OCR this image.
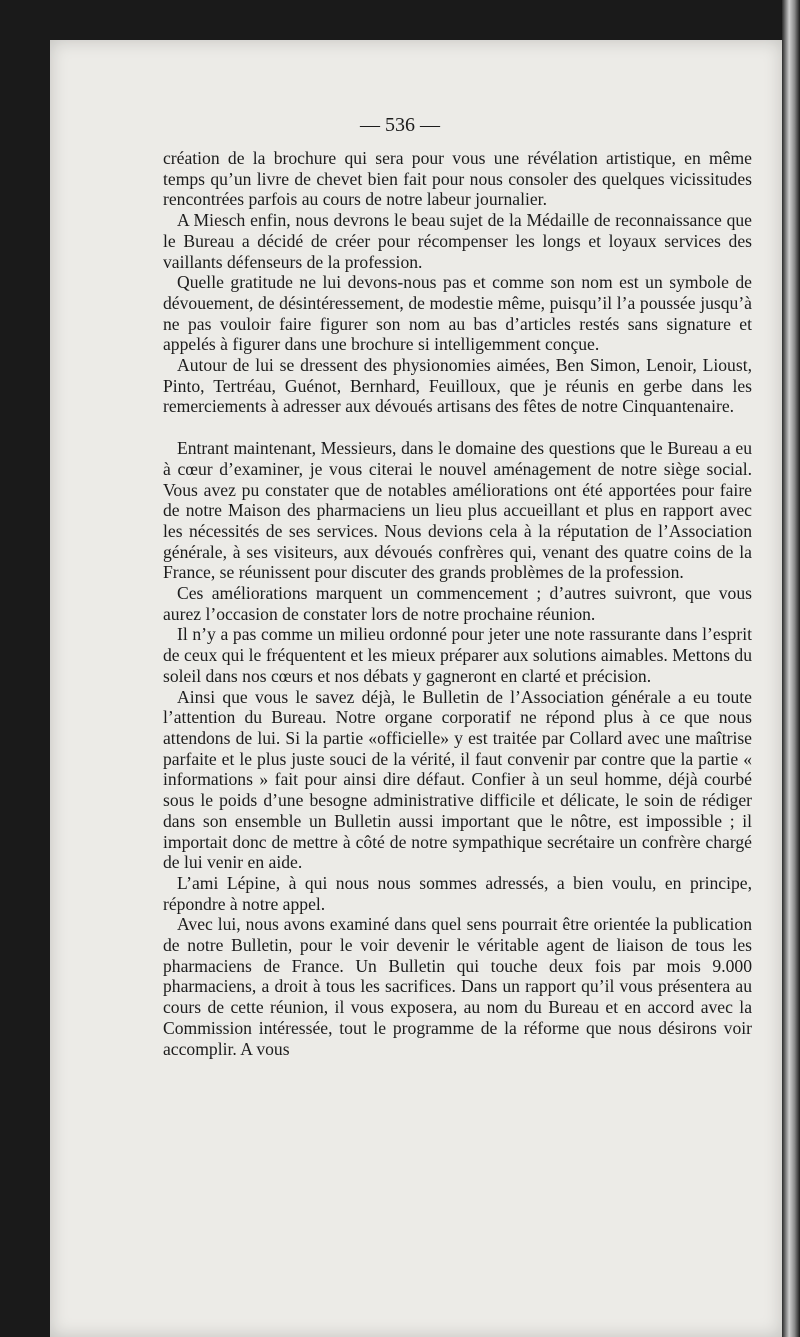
— 536 —

création de la brochure qui sera pour vous une révélation artistique, en même temps qu’un livre de chevet bien fait pour nous consoler des quelques vicissitudes rencontrées parfois au cours de notre labeur journalier.

A Miesch enfin, nous devrons le beau sujet de la Médaille de reconnaissance que le Bureau a décidé de créer pour récompenser les longs et loyaux services des vaillants défenseurs de la profession.

Quelle gratitude ne lui devons-nous pas et comme son nom est un symbole de dévouement, de désintéressement, de modestie même, puisqu’il l’a poussée jusqu’à ne pas vouloir faire figurer son nom au bas d’articles restés sans signature et appelés à figurer dans une brochure si intelligemment conçue.

Autour de lui se dressent des physionomies aimées, Ben Simon, Lenoir, Lioust, Pinto, Tertréau, Guénot, Bernhard, Feuilloux, que je réunis en gerbe dans les remerciements à adresser aux dévoués artisans des fêtes de notre Cinquantenaire.

Entrant maintenant, Messieurs, dans le domaine des questions que le Bureau a eu à cœur d’examiner, je vous citerai le nouvel aménagement de notre siège social. Vous avez pu constater que de notables améliorations ont été apportées pour faire de notre Maison des pharmaciens un lieu plus accueillant et plus en rapport avec les nécessités de ses services. Nous devions cela à la réputation de l’Association générale, à ses visiteurs, aux dévoués confrères qui, venant des quatre coins de la France, se réunissent pour discuter des grands problèmes de la profession.

Ces améliorations marquent un commencement ; d’autres suivront, que vous aurez l’occasion de constater lors de notre prochaine réunion.

Il n’y a pas comme un milieu ordonné pour jeter une note rassurante dans l’esprit de ceux qui le fréquentent et les mieux préparer aux solutions aimables. Mettons du soleil dans nos cœurs et nos débats y gagneront en clarté et précision.

Ainsi que vous le savez déjà, le Bulletin de l’Association générale a eu toute l’attention du Bureau. Notre organe corporatif ne répond plus à ce que nous attendons de lui. Si la partie «officielle» y est traitée par Collard avec une maîtrise parfaite et le plus juste souci de la vérité, il faut convenir par contre que la partie « informations » fait pour ainsi dire défaut. Confier à un seul homme, déjà courbé sous le poids d’une besogne administrative difficile et délicate, le soin de rédiger dans son ensemble un Bulletin aussi important que le nôtre, est impossible ; il importait donc de mettre à côté de notre sympathique secrétaire un confrère chargé de lui venir en aide.

L’ami Lépine, à qui nous nous sommes adressés, a bien voulu, en principe, répondre à notre appel.

Avec lui, nous avons examiné dans quel sens pourrait être orientée la publication de notre Bulletin, pour le voir devenir le véritable agent de liaison de tous les pharmaciens de France. Un Bulletin qui touche deux fois par mois 9.000 pharmaciens, a droit à tous les sacrifices. Dans un rapport qu’il vous présentera au cours de cette réunion, il vous exposera, au nom du Bureau et en accord avec la Commission intéressée, tout le programme de la réforme que nous désirons voir accomplir. A vous
